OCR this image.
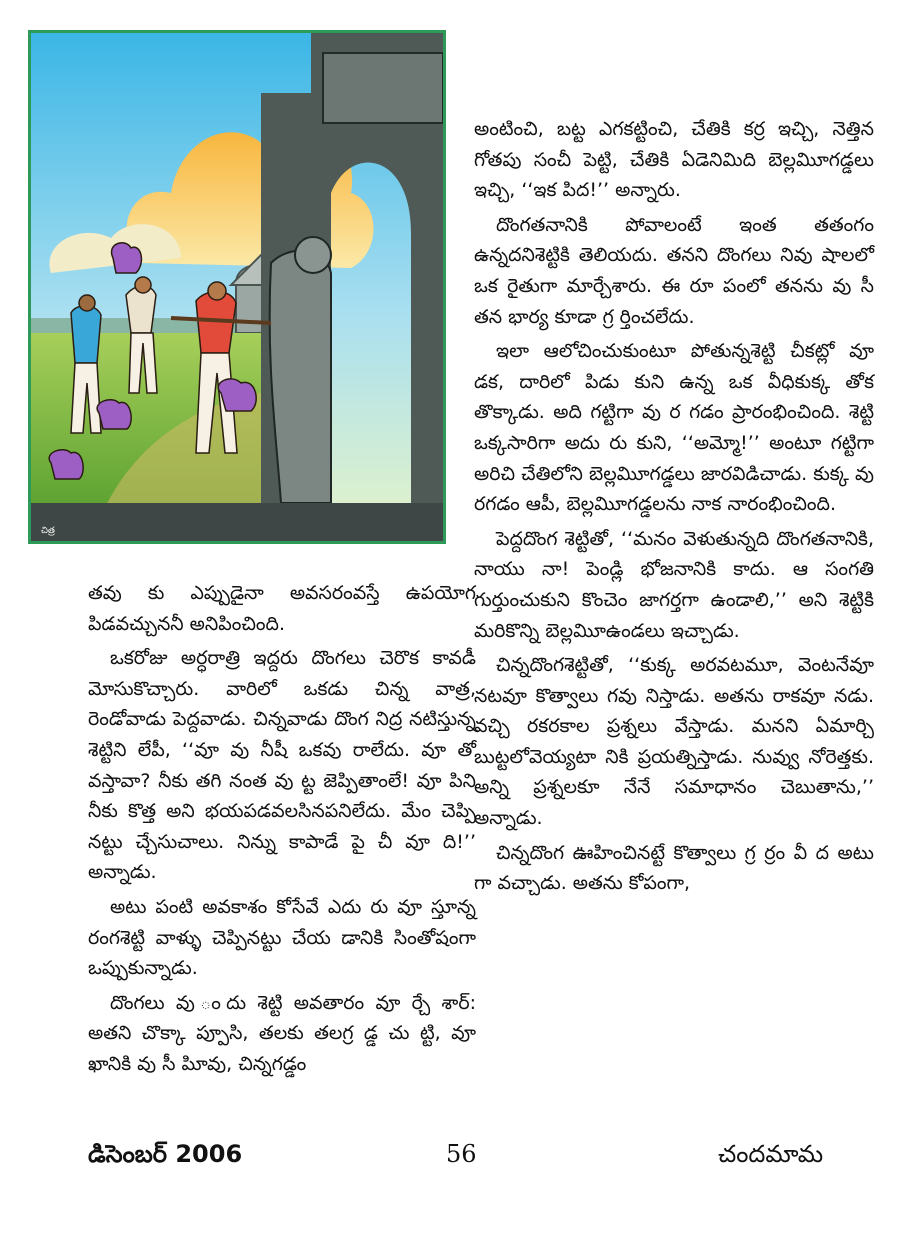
చిత్ర

అంటించి, బట్ట ఎగకట్టించి, చేతికి కర్ర ఇచ్చి, నెత్తిన గోతపు సంచీ పెట్టి, చేతికి ఏడెనిమిది బెల్లమిూగడ్డలు ఇచ్చి, ‘‘ఇక పిద!’’ అన్నారు.

దొంగతనానికి పోవాలంటే ఇంత తతంగం ఉన్నదనిశెట్టికి తెలియదు. తనని దొంగలు నివు షాలలో ఒక రైతుగా మార్చేశారు. ఈ రూ పంలో తనను వు సీ తన భార్య కూడా గ్ర ర్తించలేదు.

ఇలా ఆలోచించుకుంటూ పోతున్నశెట్టి చీకట్లో వూ డక, దారిలో పిడు కుని ఉన్న ఒక వీధికుక్క తోక తొక్కాడు. అది గట్టిగా వు ర గడం ప్రారంభించింది. శెట్టి ఒక్కసారిగా అదు రు కుని, ‘‘అమ్మో!’’ అంటూ గట్టిగా అరిచి చేతిలోని బెల్లమిూగడ్డలు జారవిడిచాడు. కుక్క వు రగడం ఆపీ, బెల్లమిూగడ్డలను నాక నారంభించింది.

పెద్దదొంగ శెట్టితో, ‘‘మనం వెళుతున్నది దొంగతనానికి, నాయు నా! పెండ్లి భోజనానికి కాదు. ఆ సంగతి గుర్తుంచుకుని కొంచెం జాగర్తగా ఉండాలి,’’ అని శెట్టికి మరికొన్ని బెల్లమిూఉండలు ఇచ్చాడు.

చిన్నదొంగశెట్టితో, ‘‘కుక్క అరవటమూ, వెంటనేవూ నటవూ కొత్వాలు గవు నిస్తాడు. అతను రాకవూ నడు. వచ్చి రకరకాల ప్రశ్నలు వేస్తాడు. మనని ఏమార్చి బుట్టలోవెయ్యటా నికి ప్రయత్నిస్తాడు. నువ్వు నోరెత్తకు. అన్ని ప్రశ్నలకూ నేనే సమాధానం చెబుతాను,’’ అన్నాడు.

చిన్నదొంగ ఊహించినట్టే కొత్వాలు గ్ర ర్రం వీ ద అటు గా వచ్చాడు. అతను కోపంగా,

తవు కు ఎప్పుడైనా అవసరంవస్తే ఉపయోగ పిడవచ్చుననీ అనిపించింది.

ఒకరోజు అర్ధరాత్రి ఇద్దరు దొంగలు చెరొక కావడీ మోసుకొచ్చారు. వారిలో ఒకడు చిన్న వాత్ర, రెండోవాడు పెద్దవాడు. చిన్నవాడు దొంగ నిద్ర నటిస్తున్న శెట్టిని లేపీ, ‘‘వూ వు నీషీ ఒకవు రాలేదు. వూ తో వస్తావా? నీకు తగి నంత వు ట్ట జెప్పితాంలే! వూ పిని నీకు కొత్త అని భయపడవలసినపనిలేదు. మేం చెప్పి నట్టు చ్చేసుచాలు. నిన్ను కాపాడే పై చీ వూ ది!’’ అన్నాడు.

అటు పంటి అవకాశం కోసేవే ఎదు రు వూ స్తూన్న రంగశెట్టి వాళ్ళు చెప్పినట్టు చేయ డానికి సింతోషంగా ఒప్పుకున్నాడు.

దొంగలు వు ందు శెట్టి అవతారం వూ ర్చే శార్: అతని చొక్కా ప్పూసి, తలకు తలగ్ర డ్డ చు ట్టి, వూ ఖానికి వు సీ పిూవు, చిన్నగడ్డం

డిసెంబర్ 2006	56	చందమామ
